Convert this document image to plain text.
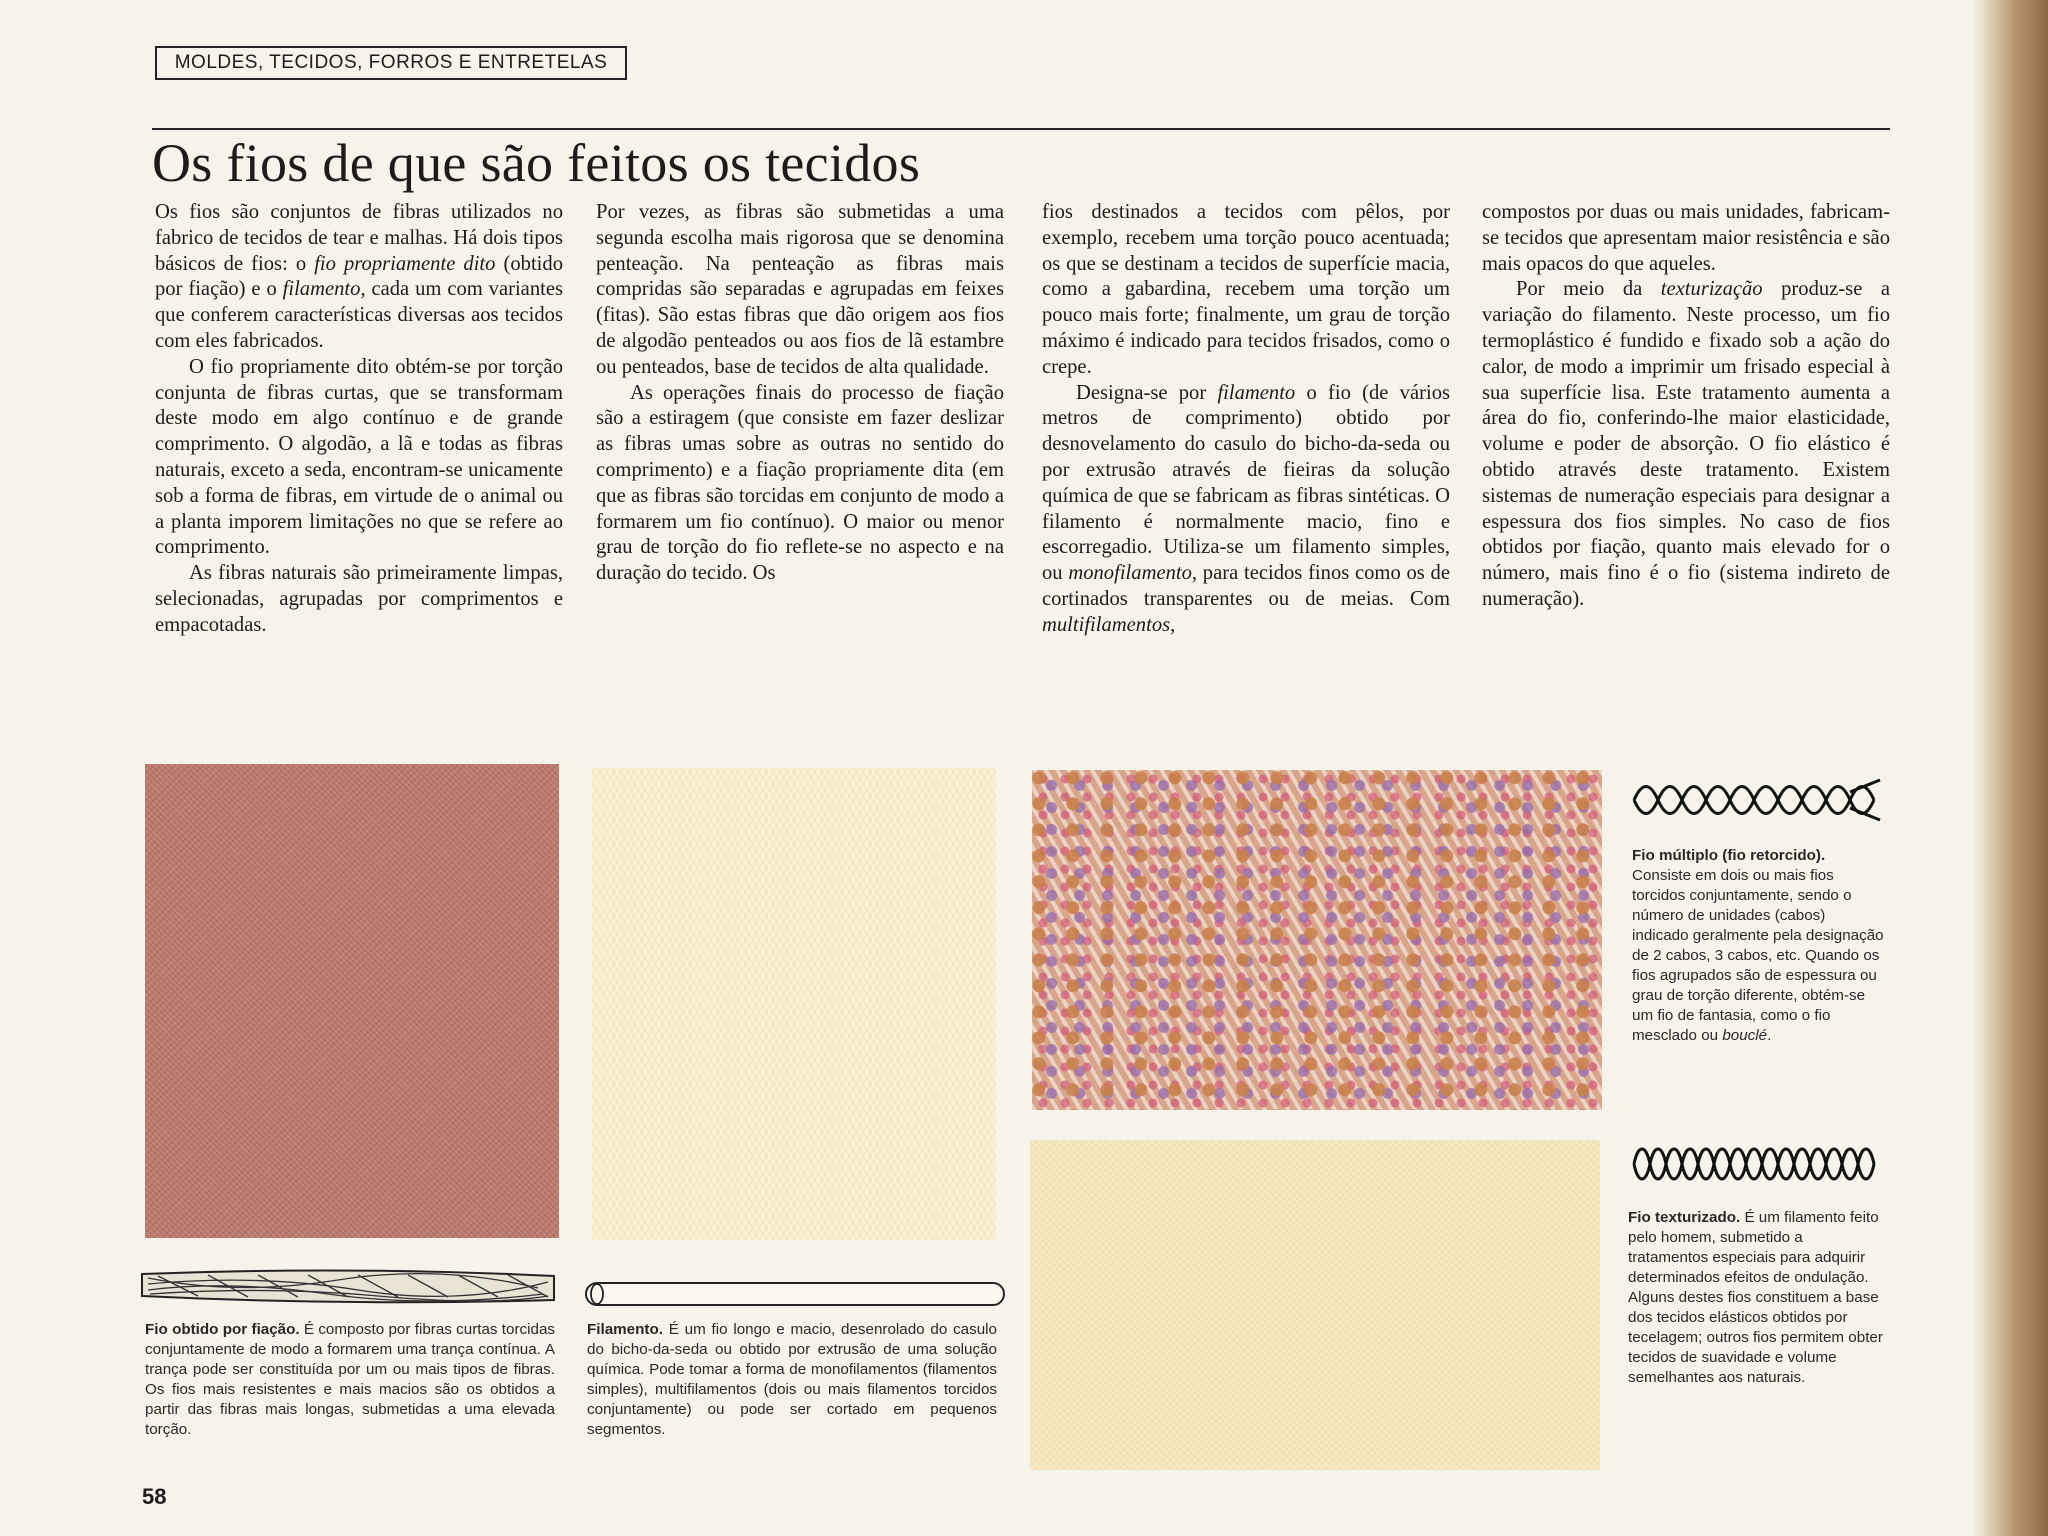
MOLDES, TECIDOS, FORROS E ENTRETELAS
Os fios de que são feitos os tecidos

Os fios são conjuntos de fibras utilizados no fabrico de tecidos de tear e malhas. Há dois tipos básicos de fios: o fio propriamente dito (obtido por fiação) e o filamento, cada um com variantes que conferem características diversas aos tecidos com eles fabricados.

O fio propriamente dito obtém-se por torção conjunta de fibras curtas, que se transformam deste modo em algo contínuo e de grande comprimento. O algodão, a lã e todas as fibras naturais, exceto a seda, encontram-se unicamente sob a forma de fibras, em virtude de o animal ou a planta imporem limitações no que se refere ao comprimento.

As fibras naturais são primeiramente limpas, selecionadas, agrupadas por comprimentos e empacotadas.

Por vezes, as fibras são submetidas a uma segunda escolha mais rigorosa que se denomina penteação. Na penteação as fibras mais compridas são separadas e agrupadas em feixes (fitas). São estas fibras que dão origem aos fios de algodão penteados ou aos fios de lã estambre ou penteados, base de tecidos de alta qualidade.

As operações finais do processo de fiação são a estiragem (que consiste em fazer deslizar as fibras umas sobre as outras no sentido do comprimento) e a fiação propriamente dita (em que as fibras são torcidas em conjunto de modo a formarem um fio contínuo). O maior ou menor grau de torção do fio reflete-se no aspecto e na duração do tecido. Os

fios destinados a tecidos com pêlos, por exemplo, recebem uma torção pouco acentuada; os que se destinam a tecidos de superfície macia, como a gabardina, recebem uma torção um pouco mais forte; finalmente, um grau de torção máximo é indicado para tecidos frisados, como o crepe.

Designa-se por filamento o fio (de vários metros de comprimento) obtido por desnovelamento do casulo do bicho-da-seda ou por extrusão através de fieiras da solução química de que se fabricam as fibras sintéticas. O filamento é normalmente macio, fino e escorregadio. Utiliza-se um filamento simples, ou monofilamento, para tecidos finos como os de cortinados transparentes ou de meias. Com multifilamentos,

compostos por duas ou mais unidades, fabricam-se tecidos que apresentam maior resistência e são mais opacos do que aqueles.

Por meio da texturização produz-se a variação do filamento. Neste processo, um fio termoplástico é fundido e fixado sob a ação do calor, de modo a imprimir um frisado especial à sua superfície lisa. Este tratamento aumenta a área do fio, conferindo-lhe maior elasticidade, volume e poder de absorção. O fio elástico é obtido através deste tratamento. Existem sistemas de numeração especiais para designar a espessura dos fios simples. No caso de fios obtidos por fiação, quanto mais elevado for o número, mais fino é o fio (sistema indireto de numeração).

Fio obtido por fiação. É composto por fibras curtas torcidas conjuntamente de modo a formarem uma trança contínua. A trança pode ser constituída por um ou mais tipos de fibras. Os fios mais resistentes e mais macios são os obtidos a partir das fibras mais longas, submetidas a uma elevada torção.

Filamento. É um fio longo e macio, desenrolado do casulo do bicho-da-seda ou obtido por extrusão de uma solução química. Pode tomar a forma de monofilamentos (filamentos simples), multifilamentos (dois ou mais filamentos torcidos conjuntamente) ou pode ser cortado em pequenos segmentos.

Fio múltiplo (fio retorcido). Consiste em dois ou mais fios torcidos conjuntamente, sendo o número de unidades (cabos) indicado geralmente pela designação de 2 cabos, 3 cabos, etc. Quando os fios agrupados são de espessura ou grau de torção diferente, obtém-se um fio de fantasia, como o fio mesclado ou bouclé.

Fio texturizado. É um filamento feito pelo homem, submetido a tratamentos especiais para adquirir determinados efeitos de ondulação. Alguns destes fios constituem a base dos tecidos elásticos obtidos por tecelagem; outros fios permitem obter tecidos de suavidade e volume semelhantes aos naturais.

58
